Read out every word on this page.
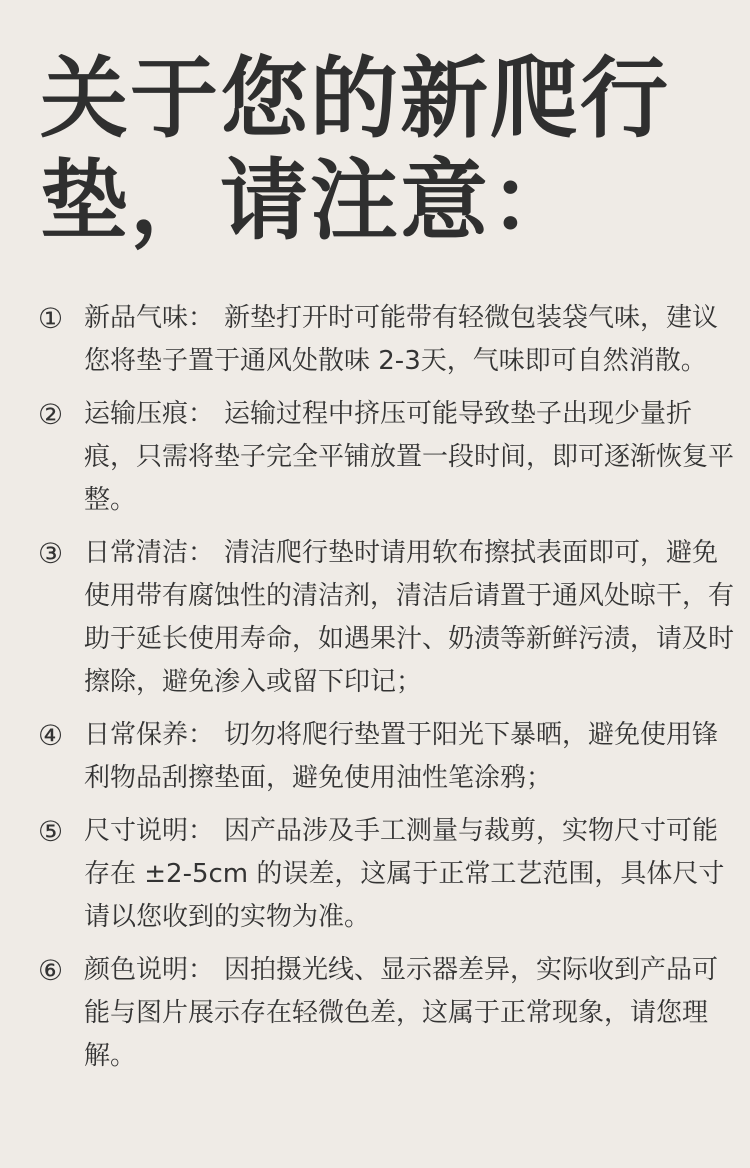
关于您的新爬行
垫，请注意：
① 新品气味： 新垫打开时可能带有轻微包装袋气味，建议您将垫子置于通风处散味 2-3天，气味即可自然消散。
② 运输压痕： 运输过程中挤压可能导致垫子出现少量折痕，只需将垫子完全平铺放置一段时间，即可逐渐恢复平整。
③ 日常清洁： 清洁爬行垫时请用软布擦拭表面即可，避免使用带有腐蚀性的清洁剂，清洁后请置于通风处晾干，有助于延长使用寿命，如遇果汁、奶渍等新鲜污渍，请及时擦除，避免渗入或留下印记；
④ 日常保养： 切勿将爬行垫置于阳光下暴晒，避免使用锋利物品刮擦垫面，避免使用油性笔涂鸦；
⑤ 尺寸说明： 因产品涉及手工测量与裁剪，实物尺寸可能存在 ±2-5cm 的误差，这属于正常工艺范围，具体尺寸请以您收到的实物为准。
⑥ 颜色说明： 因拍摄光线、显示器差异，实际收到产品可能与图片展示存在轻微色差，这属于正常现象，请您理解。
